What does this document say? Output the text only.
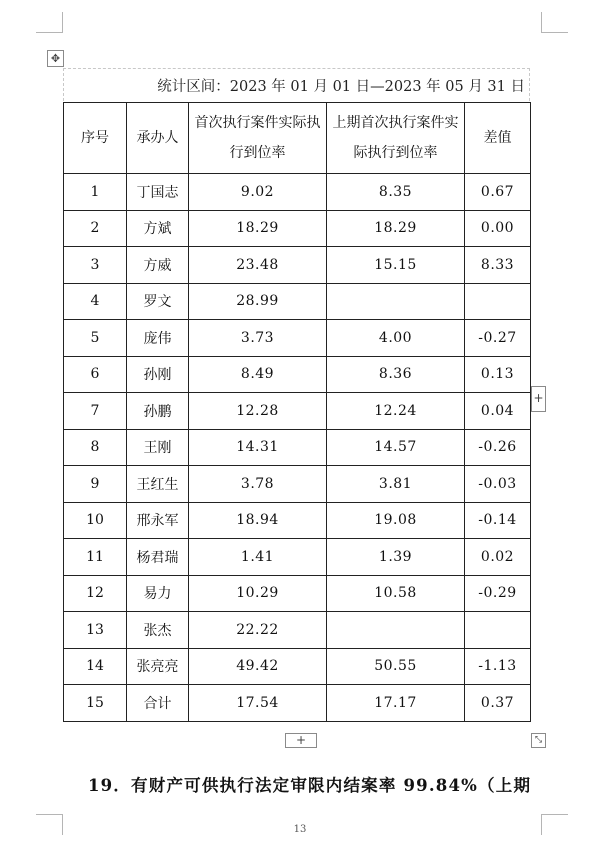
✥
统计区间：2023 年 01 月 01 日—2023 年 05 月 31 日
序号	承办人	首次执行案件实际执行到位率	上期首次执行案件实际执行到位率	差值
1	丁国志	9.02	8.35	0.67
2	方斌	18.29	18.29	0.00
3	方威	23.48	15.15	8.33
4	罗文	28.99		
5	庞伟	3.73	4.00	-0.27
6	孙刚	8.49	8.36	0.13
7	孙鹏	12.28	12.24	0.04
8	王刚	14.31	14.57	-0.26
9	王红生	3.78	3.81	-0.03
10	邢永军	18.94	19.08	-0.14
11	杨君瑞	1.41	1.39	0.02
12	易力	10.29	10.58	-0.29
13	张杰	22.22		
14	张亮亮	49.42	50.55	-1.13
15	合计	17.54	17.17	0.37
+
+	⤡
19．有财产可供执行法定审限内结案率 99.84%（上期
13
